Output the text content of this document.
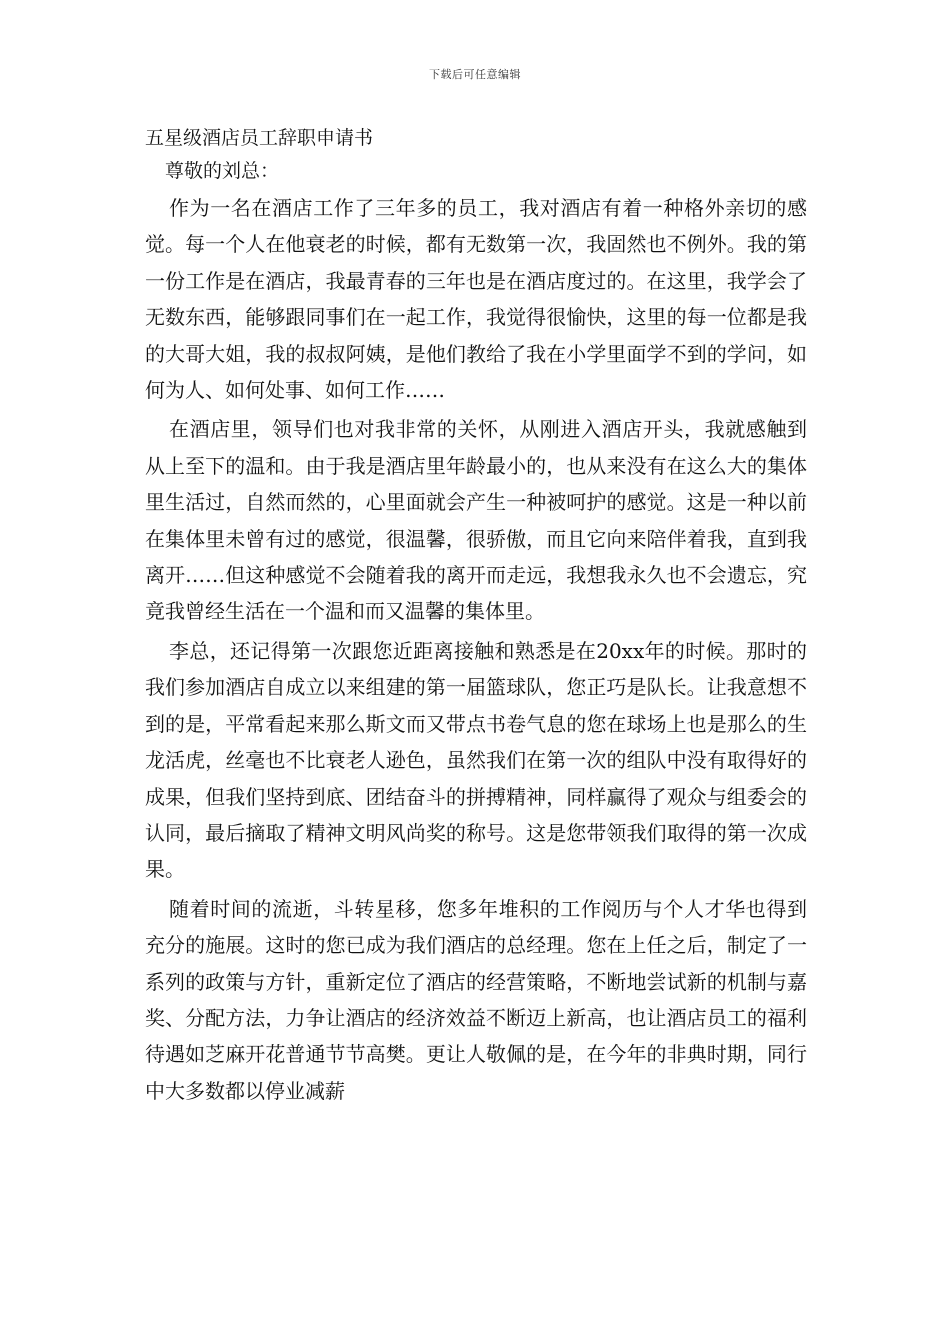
下载后可任意编辑
五星级酒店员工辞职申请书
尊敬的刘总：

作为一名在酒店工作了三年多的员工，我对酒店有着一种格外亲切的感觉。每一个人在他衰老的时候，都有无数第一次，我固然也不例外。我的第一份工作是在酒店，我最青春的三年也是在酒店度过的。在这里，我学会了无数东西，能够跟同事们在一起工作，我觉得很愉快，这里的每一位都是我的大哥大姐，我的叔叔阿姨，是他们教给了我在小学里面学不到的学问，如何为人、如何处事、如何工作……

在酒店里，领导们也对我非常的关怀，从刚进入酒店开头，我就感触到从上至下的温和。由于我是酒店里年龄最小的，也从来没有在这么大的集体里生活过，自然而然的，心里面就会产生一种被呵护的感觉。这是一种以前在集体里未曾有过的感觉，很温馨，很骄傲，而且它向来陪伴着我，直到我离开……但这种感觉不会随着我的离开而走远，我想我永久也不会遗忘，究竟我曾经生活在一个温和而又温馨的集体里。

李总，还记得第一次跟您近距离接触和熟悉是在20xx年的时候。那时的我们参加酒店自成立以来组建的第一届篮球队，您正巧是队长。让我意想不到的是，平常看起来那么斯文而又带点书卷气息的您在球场上也是那么的生龙活虎，丝毫也不比衰老人逊色，虽然我们在第一次的组队中没有取得好的成果，但我们坚持到底、团结奋斗的拼搏精神，同样赢得了观众与组委会的认同，最后摘取了精神文明风尚奖的称号。这是您带领我们取得的第一次成果。

随着时间的流逝，斗转星移，您多年堆积的工作阅历与个人才华也得到充分的施展。这时的您已成为我们酒店的总经理。您在上任之后，制定了一系列的政策与方针，重新定位了酒店的经营策略，不断地尝试新的机制与嘉奖、分配方法，力争让酒店的经济效益不断迈上新高，也让酒店员工的福利待遇如芝麻开花普通节节高樊。更让人敬佩的是，在今年的非典时期，同行中大多数都以停业减薪
